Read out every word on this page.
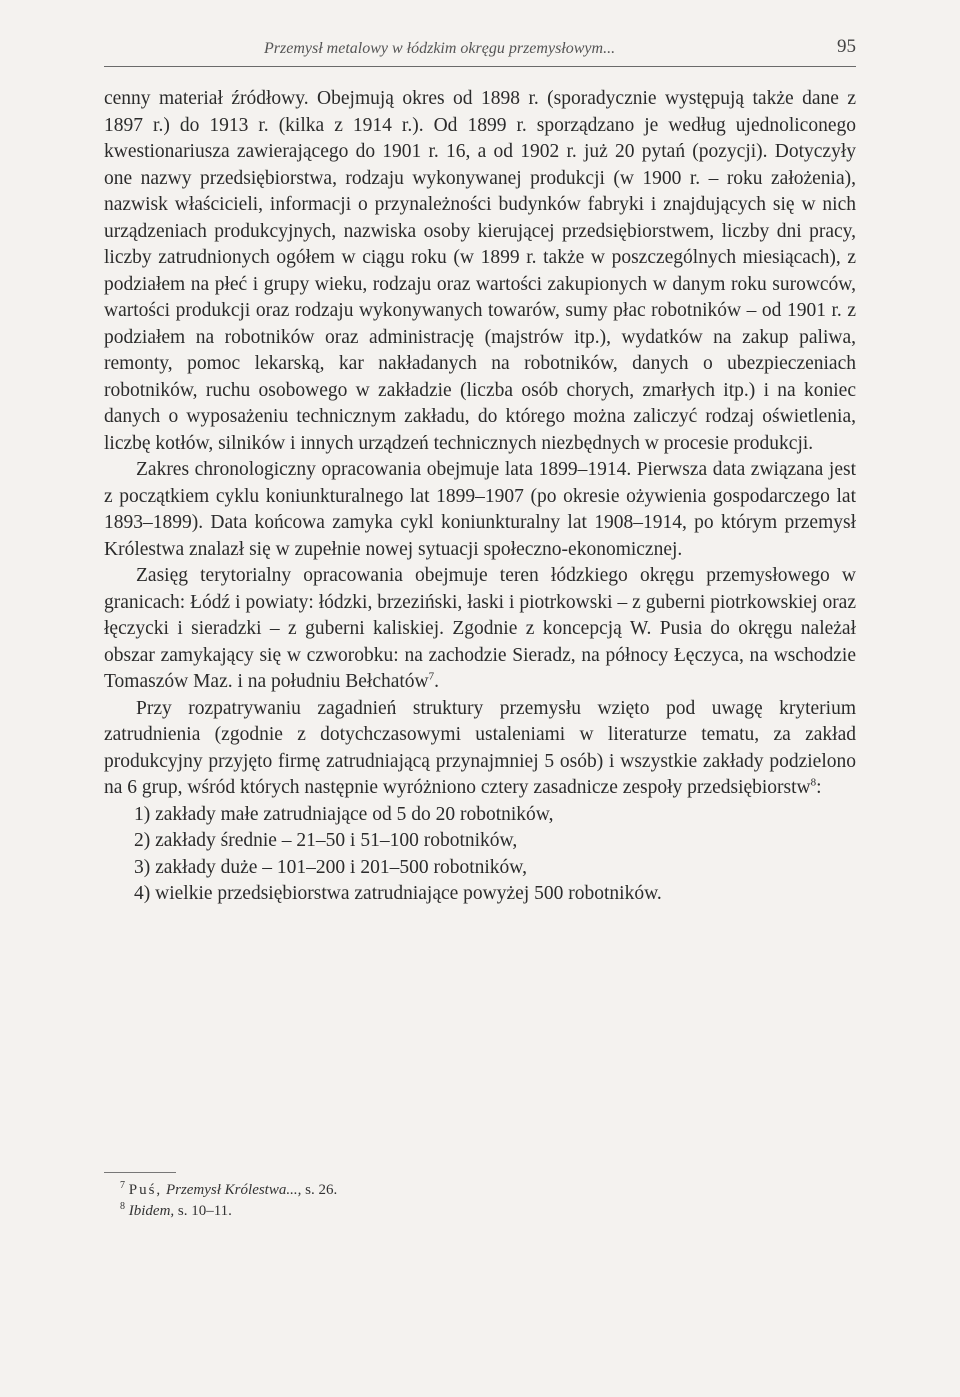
Przemysł metalowy w łódzkim okręgu przemysłowym...	95

cenny materiał źródłowy. Obejmują okres od 1898 r. (sporadycznie występują także dane z 1897 r.) do 1913 r. (kilka z 1914 r.). Od 1899 r. sporządzano je według ujednoliconego kwestionariusza zawierającego do 1901 r. 16, a od 1902 r. już 20 pytań (pozycji). Dotyczyły one nazwy przedsiębiorstwa, rodzaju wykonywanej produkcji (w 1900 r. – roku założenia), nazwisk właścicieli, informacji o przynależności budynków fabryki i znajdujących się w nich urządzeniach produkcyjnych, nazwiska osoby kierującej przedsiębiorstwem, liczby dni pracy, liczby zatrudnionych ogółem w ciągu roku (w 1899 r. także w poszczególnych miesiącach), z podziałem na płeć i grupy wieku, rodzaju oraz wartości zakupionych w danym roku surowców, wartości produkcji oraz rodzaju wykonywanych towarów, sumy płac robotników – od 1901 r. z podziałem na robotników oraz administrację (majstrów itp.), wydatków na zakup paliwa, remonty, pomoc lekarską, kar nakładanych na robotników, danych o ubezpieczeniach robotników, ruchu osobowego w zakładzie (liczba osób chorych, zmarłych itp.) i na koniec danych o wyposażeniu technicznym zakładu, do którego można zaliczyć rodzaj oświetlenia, liczbę kotłów, silników i innych urządzeń technicznych niezbędnych w procesie produkcji.

Zakres chronologiczny opracowania obejmuje lata 1899–1914. Pierwsza data związana jest z początkiem cyklu koniunkturalnego lat 1899–1907 (po okresie ożywienia gospodarczego lat 1893–1899). Data końcowa zamyka cykl koniunkturalny lat 1908–1914, po którym przemysł Królestwa znalazł się w zupełnie nowej sytuacji społeczno-ekonomicznej.

Zasięg terytorialny opracowania obejmuje teren łódzkiego okręgu przemysłowego w granicach: Łódź i powiaty: łódzki, brzeziński, łaski i piotrkowski – z guberni piotrkowskiej oraz łęczycki i sieradzki – z guberni kaliskiej. Zgodnie z koncepcją W. Pusia do okręgu należał obszar zamykający się w czworobku: na zachodzie Sieradz, na północy Łęczyca, na wschodzie Tomaszów Maz. i na południu Bełchatów$^7$.

Przy rozpatrywaniu zagadnień struktury przemysłu wzięto pod uwagę kryterium zatrudnienia (zgodnie z dotychczasowymi ustaleniami w literaturze tematu, za zakład produkcyjny przyjęto firmę zatrudniającą przynajmniej 5 osób) i wszystkie zakłady podzielono na 6 grup, wśród których następnie wyróżniono cztery zasadnicze zespoły przedsiębiorstw$^8$:

1) zakłady małe zatrudniające od 5 do 20 robotników,
2) zakłady średnie – 21–50 i 51–100 robotników,
3) zakłady duże – 101–200 i 201–500 robotników,
4) wielkie przedsiębiorstwa zatrudniające powyżej 500 robotników.
$^7$ Puś, Przemysł Królestwa..., s. 26.
$^8$ Ibidem, s. 10–11.
